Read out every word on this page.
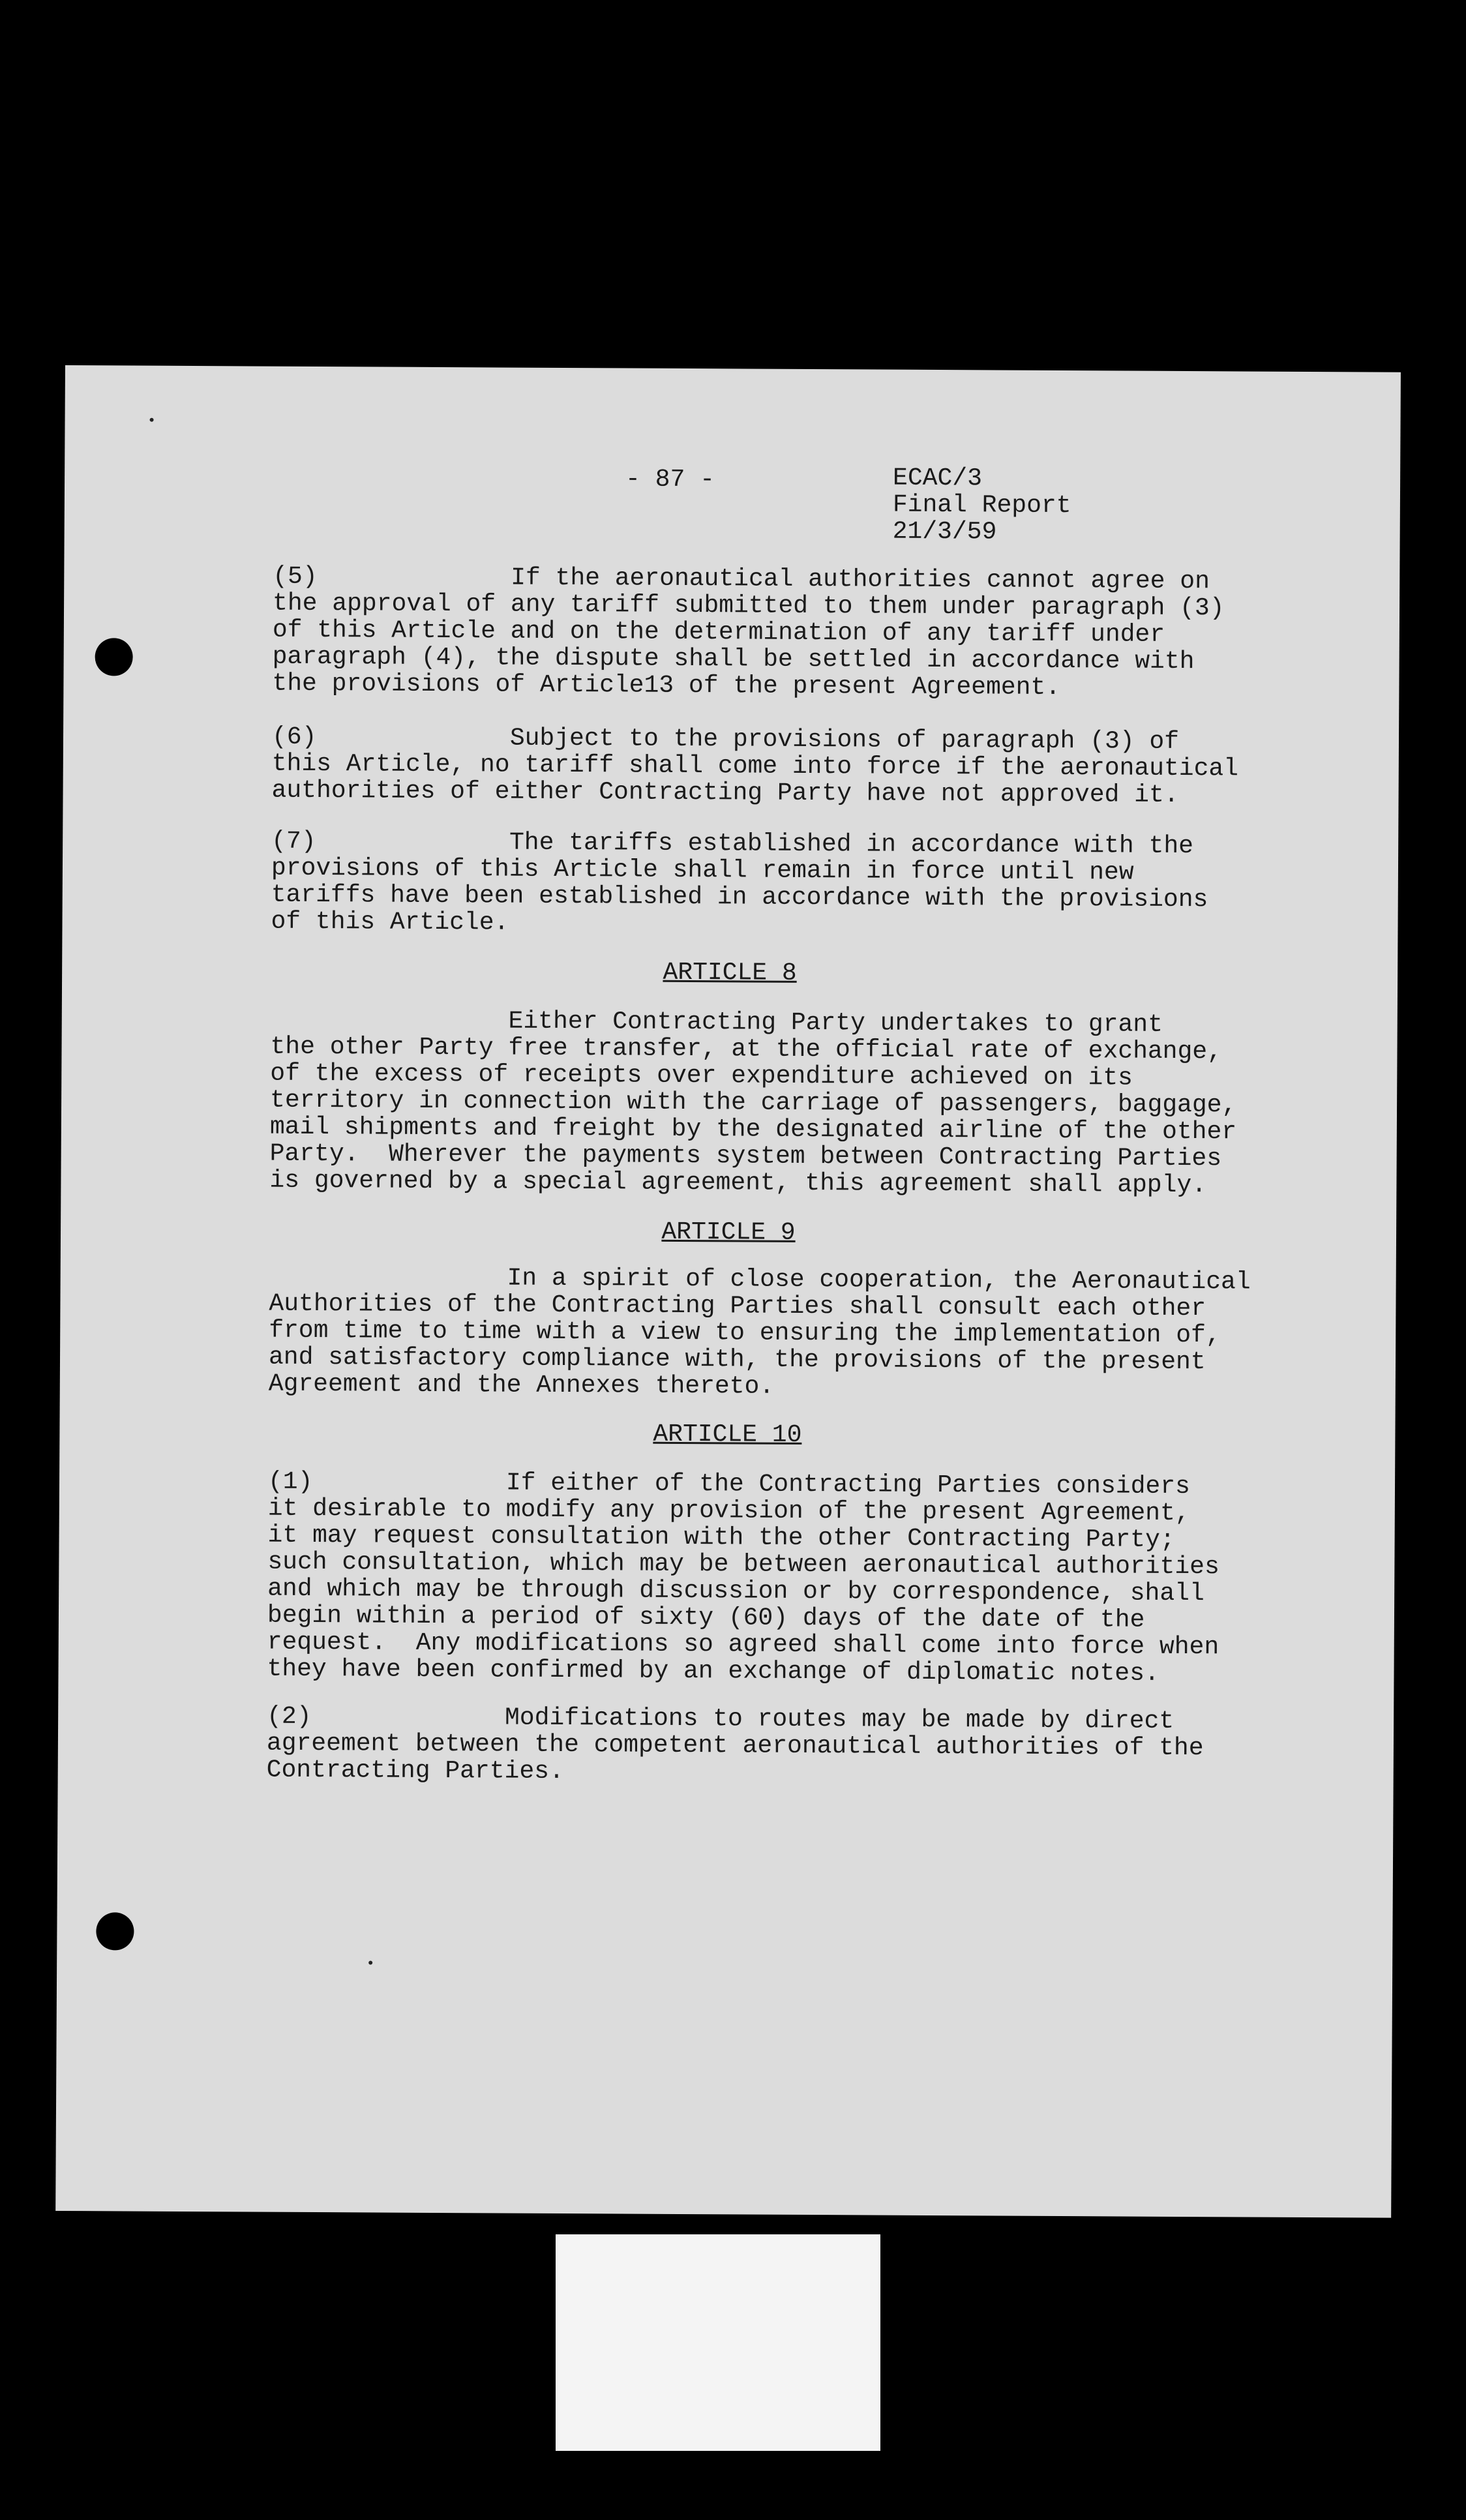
- 87 -	ECAC/3
Final Report
21/3/59
(5)             If the aeronautical authorities cannot agree on
the approval of any tariff submitted to them under paragraph (3)
of this Article and on the determination of any tariff under
paragraph (4), the dispute shall be settled in accordance with
the provisions of Article13 of the present Agreement.
(6)             Subject to the provisions of paragraph (3) of
this Article, no tariff shall come into force if the aeronautical
authorities of either Contracting Party have not approved it.
(7)             The tariffs established in accordance with the
provisions of this Article shall remain in force until new
tariffs have been established in accordance with the provisions
of this Article.
ARTICLE 8
Either Contracting Party undertakes to grant
the other Party free transfer, at the official rate of exchange,
of the excess of receipts over expenditure achieved on its
territory in connection with the carriage of passengers, baggage,
mail shipments and freight by the designated airline of the other
Party.  Wherever the payments system between Contracting Parties
is governed by a special agreement, this agreement shall apply.
ARTICLE 9
In a spirit of close cooperation, the Aeronautical
Authorities of the Contracting Parties shall consult each other
from time to time with a view to ensuring the implementation of,
and satisfactory compliance with, the provisions of the present
Agreement and the Annexes thereto.
ARTICLE 10
(1)             If either of the Contracting Parties considers
it desirable to modify any provision of the present Agreement,
it may request consultation with the other Contracting Party;
such consultation, which may be between aeronautical authorities
and which may be through discussion or by correspondence, shall
begin within a period of sixty (60) days of the date of the
request.  Any modifications so agreed shall come into force when
they have been confirmed by an exchange of diplomatic notes.
(2)             Modifications to routes may be made by direct
agreement between the competent aeronautical authorities of the
Contracting Parties.
